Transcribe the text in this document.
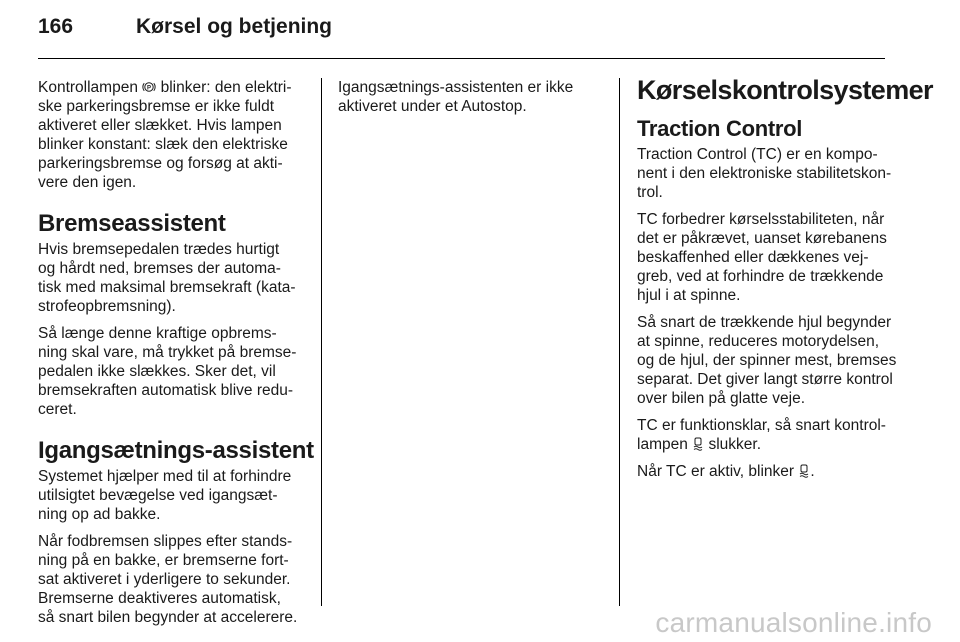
166	Kørsel og betjening

Kontrollampen P blinker: den elektri-
ske parkeringsbremse er ikke fuldt
aktiveret eller slækket. Hvis lampen
blinker konstant: slæk den elektriske
parkeringsbremse og forsøg at akti-
vere den igen.

Bremseassistent

Hvis bremsepedalen trædes hurtigt
og hårdt ned, bremses der automa-
tisk med maksimal bremsekraft (kata-
strofeopbremsning).

Så længe denne kraftige opbrems-
ning skal vare, må trykket på bremse-
pedalen ikke slækkes. Sker det, vil
bremsekraften automatisk blive redu-
ceret.

Igangsætnings-assistent

Systemet hjælper med til at forhindre
utilsigtet bevægelse ved igangsæt-
ning op ad bakke.

Når fodbremsen slippes efter stands-
ning på en bakke, er bremserne fort-
sat aktiveret i yderligere to sekunder.
Bremserne deaktiveres automatisk,
så snart bilen begynder at accelerere.

Igangsætnings-assistenten er ikke
aktiveret under et Autostop.

Kørselskontrolsystemer
Traction Control

Traction Control (TC) er en kompo-
nent i den elektroniske stabilitetskon-
trol.

TC forbedrer kørselsstabiliteten, når
det er påkrævet, uanset kørebanens
beskaffenhed eller dækkenes vej-
greb, ved at forhindre de trækkende
hjul i at spinne.

Så snart de trækkende hjul begynder
at spinne, reduceres motorydelsen,
og de hjul, der spinner mest, bremses
separat. Det giver langt større kontrol
over bilen på glatte veje.

TC er funktionsklar, så snart kontrol-
lampen  slukker.

Når TC er aktiv, blinker .

carmanualsonline.info
